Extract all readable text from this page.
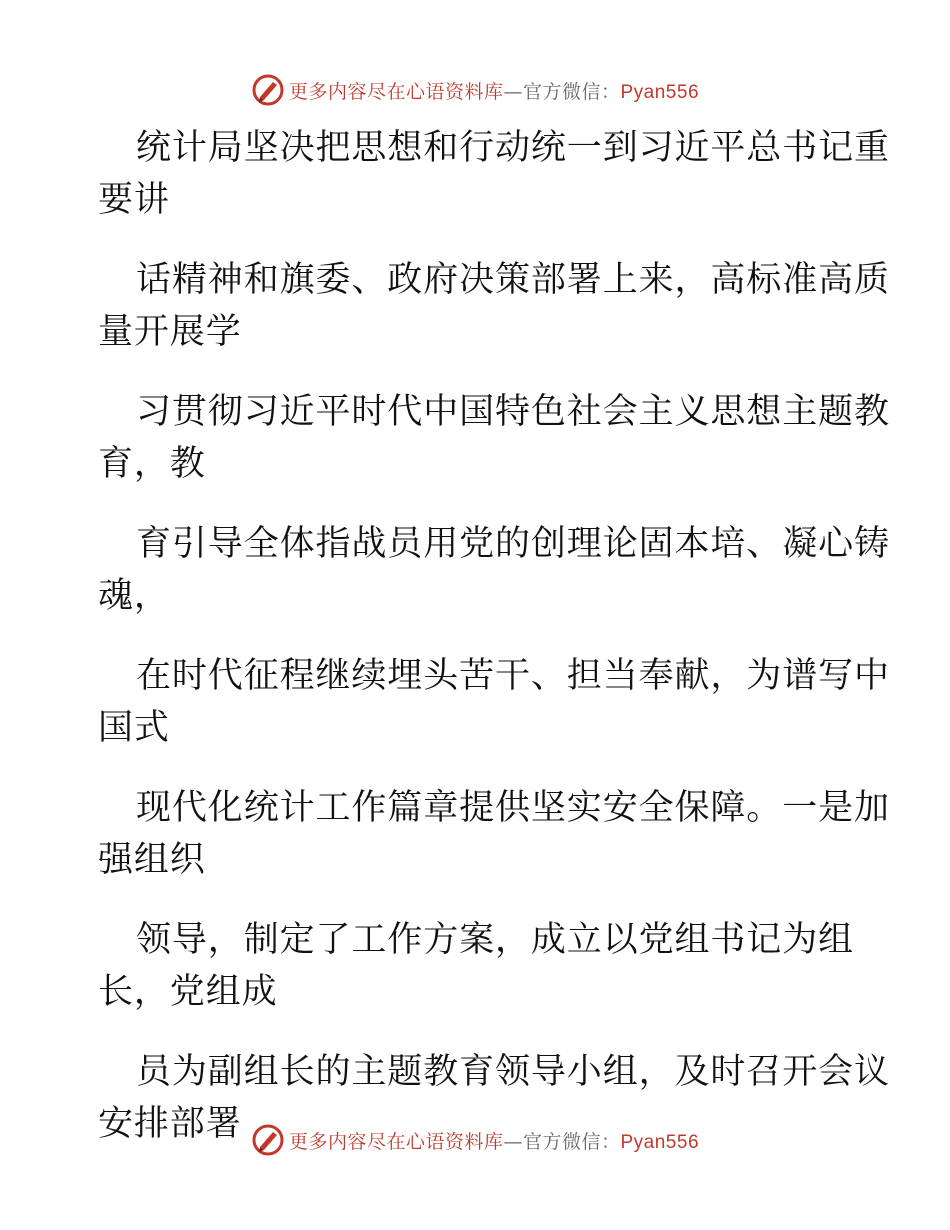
更多内容尽在心语资料库—官方微信：Pyan556
统计局坚决把思想和行动统一到习近平总书记重
要讲
话精神和旗委、政府决策部署上来，高标准高质
量开展学
习贯彻习近平时代中国特色社会主义思想主题教
育，教
育引导全体指战员用党的创理论固本培、凝心铸
魂，
在时代征程继续埋头苦干、担当奉献，为谱写中
国式
现代化统计工作篇章提供坚实安全保障。一是加
强组织
领导，制定了工作方案，成立以党组书记为组
长，党组成
员为副组长的主题教育领导小组，及时召开会议
安排部署	更多内容尽在心语资料库—官方微信：Pyan556
